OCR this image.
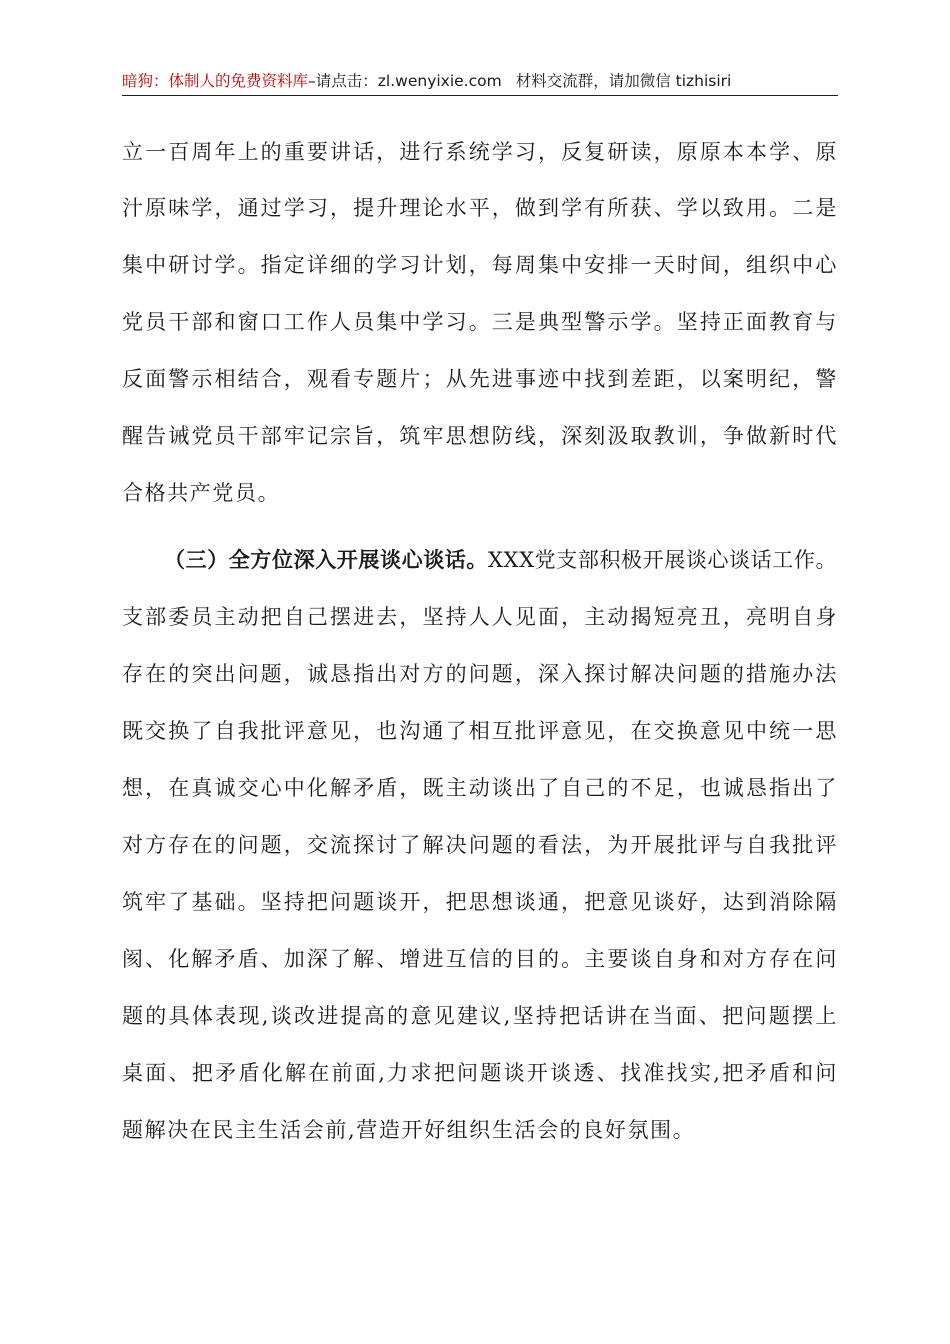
暗狗：体制人的免费资料库–请点击：zl.wenyixie.com 材料交流群，请加微信 tizhisiri
立一百周年上的重要讲话，进行系统学习，反复研读，原原本本学、原
汁原味学，通过学习，提升理论水平，做到学有所获、学以致用。二是
集中研讨学。指定详细的学习计划，每周集中安排一天时间，组织中心
党员干部和窗口工作人员集中学习。三是典型警示学。坚持正面教育与
反面警示相结合，观看专题片；从先进事迹中找到差距，以案明纪，警
醒告诫党员干部牢记宗旨，筑牢思想防线，深刻汲取教训，争做新时代
合格共产党员。
（三）全方位深入开展谈心谈话。XXX党支部积极开展谈心谈话工作。
支部委员主动把自己摆进去，坚持人人见面，主动揭短亮丑，亮明自身
存在的突出问题，诚恳指出对方的问题，深入探讨解决问题的措施办法
既交换了自我批评意见，也沟通了相互批评意见，在交换意见中统一思
想，在真诚交心中化解矛盾，既主动谈出了自己的不足，也诚恳指出了
对方存在的问题，交流探讨了解决问题的看法，为开展批评与自我批评
筑牢了基础。坚持把问题谈开，把思想谈通，把意见谈好，达到消除隔
阂、化解矛盾、加深了解、增进互信的目的。主要谈自身和对方存在问
题的具体表现,谈改进提高的意见建议,坚持把话讲在当面、把问题摆上
桌面、把矛盾化解在前面,力求把问题谈开谈透、找准找实,把矛盾和问
题解决在民主生活会前,营造开好组织生活会的良好氛围。
